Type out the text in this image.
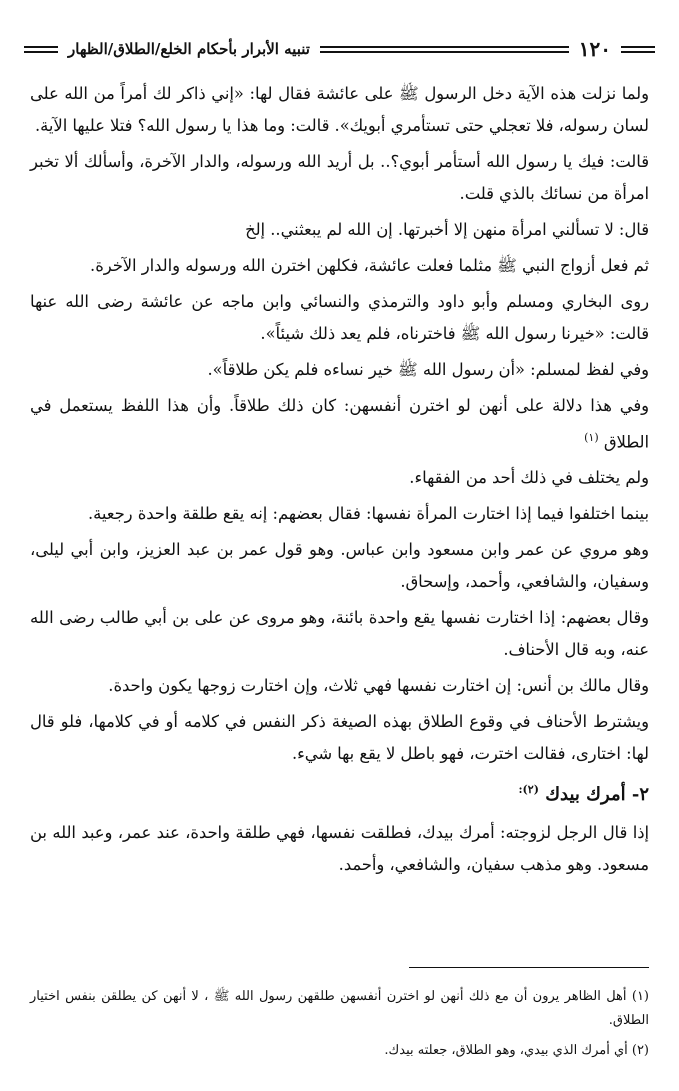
١٢٠
تنبيه الأبرار بأحكام الخلع/الطلاق/الظهار

ولما نزلت هذه الآية دخل الرسول ﷺ على عائشة فقال لها: «إني ذاكر لك أمراً من الله على لسان رسوله، فلا تعجلي حتى تستأمري أبويك». قالت: وما هذا يا رسول الله؟ فتلا عليها الآية.

قالت: فيك يا رسول الله أستأمر أبوي؟.. بل أريد الله ورسوله، والدار الآخرة، وأسألك ألا تخبر امرأة من نسائك بالذي قلت.

قال: لا تسألني امرأة منهن إلا أخبرتها. إن الله لم يبعثني.. إلخ

ثم فعل أزواج النبي ﷺ مثلما فعلت عائشة، فكلهن اخترن الله ورسوله والدار الآخرة.

روى البخاري ومسلم وأبو داود والترمذي والنسائي وابن ماجه عن عائشة رضى الله عنها قالت: «خيرنا رسول الله ﷺ فاخترناه، فلم يعد ذلك شيئاً».

وفي لفظ لمسلم: «أن رسول الله ﷺ خير نساءه فلم يكن طلاقاً».

وفي هذا دلالة على أنهن لو اخترن أنفسهن: كان ذلك طلاقاً. وأن هذا اللفظ يستعمل في الطلاق $^{(١)}$

ولم يختلف في ذلك أحد من الفقهاء.

بينما اختلفوا فيما إذا اختارت المرأة نفسها: فقال بعضهم: إنه يقع طلقة واحدة رجعية.

وهو مروي عن عمر وابن مسعود وابن عباس. وهو قول عمر بن عبد العزيز، وابن أبي ليلى، وسفيان، والشافعي، وأحمد، وإسحاق.

وقال بعضهم: إذا اختارت نفسها يقع واحدة بائنة، وهو مروى عن على بن أبي طالب رضى الله عنه، وبه قال الأحناف.

وقال مالك بن أنس: إن اختارت نفسها فهي ثلاث، وإن اختارت زوجها يكون واحدة.

ويشترط الأحناف في وقوع الطلاق بهذه الصيغة ذكر النفس في كلامه أو في كلامها، فلو قال لها: اختارى، فقالت اخترت، فهو باطل لا يقع بها شيء.

٢- أمرك بيدك $^{(٢):}$

إذا قال الرجل لزوجته: أمرك بيدك، فطلقت نفسها، فهي طلقة واحدة، عند عمر، وعبد الله بن مسعود. وهو مذهب سفيان، والشافعي، وأحمد.

(١) أهل الظاهر يرون أن مع ذلك أنهن لو اخترن أنفسهن طلقهن رسول الله ﷺ ، لا أنهن كن يطلقن بنفس اختيار الطلاق.

(٢) أي أمرك الذي بيدي، وهو الطلاق، جعلته بيدك.
